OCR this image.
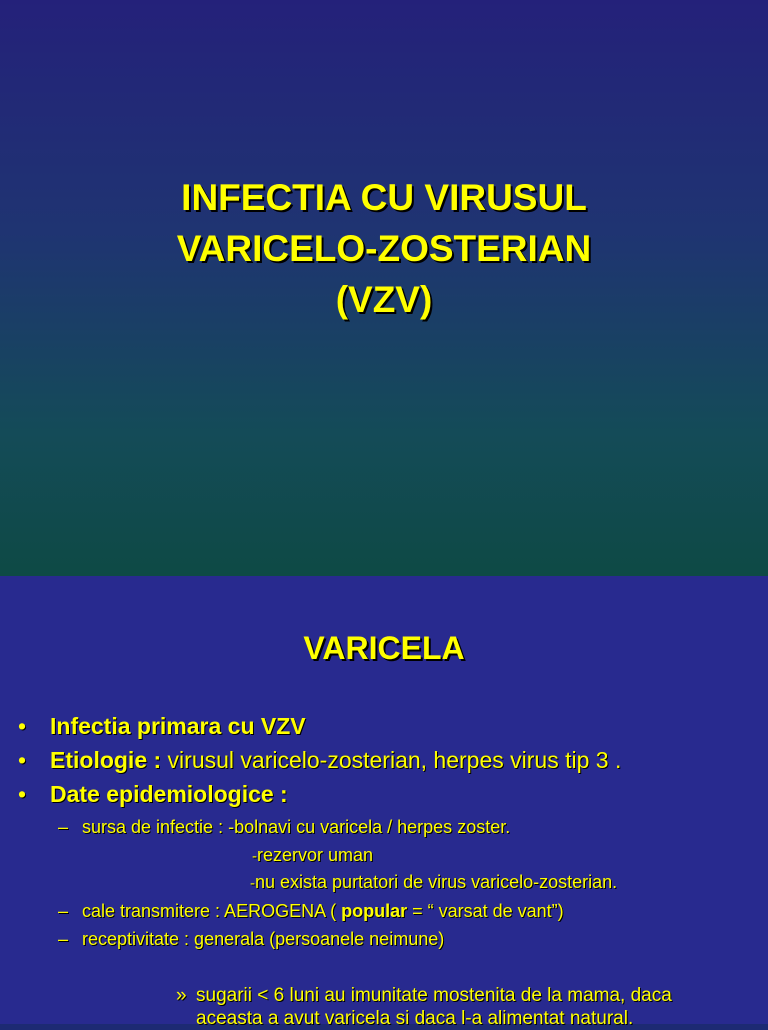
INFECTIA CU VIRUSUL
VARICELO-ZOSTERIAN
(VZV)
VARICELA
• Infectia primara cu VZV
• Etiologie : virusul varicelo-zosterian, herpes virus tip 3 .
• Date epidemiologice :
– sursa de infectie : -bolnavi cu varicela / herpes zoster.
-rezervor uman
-nu exista purtatori de virus varicelo-zosterian.
– cale transmitere : AEROGENA ( popular = “ varsat de vant”)
– receptivitate : generala (persoanele neimune)
» sugarii < 6 luni au imunitate mostenita de la mama, daca
aceasta a avut varicela si daca l-a alimentat natural.
